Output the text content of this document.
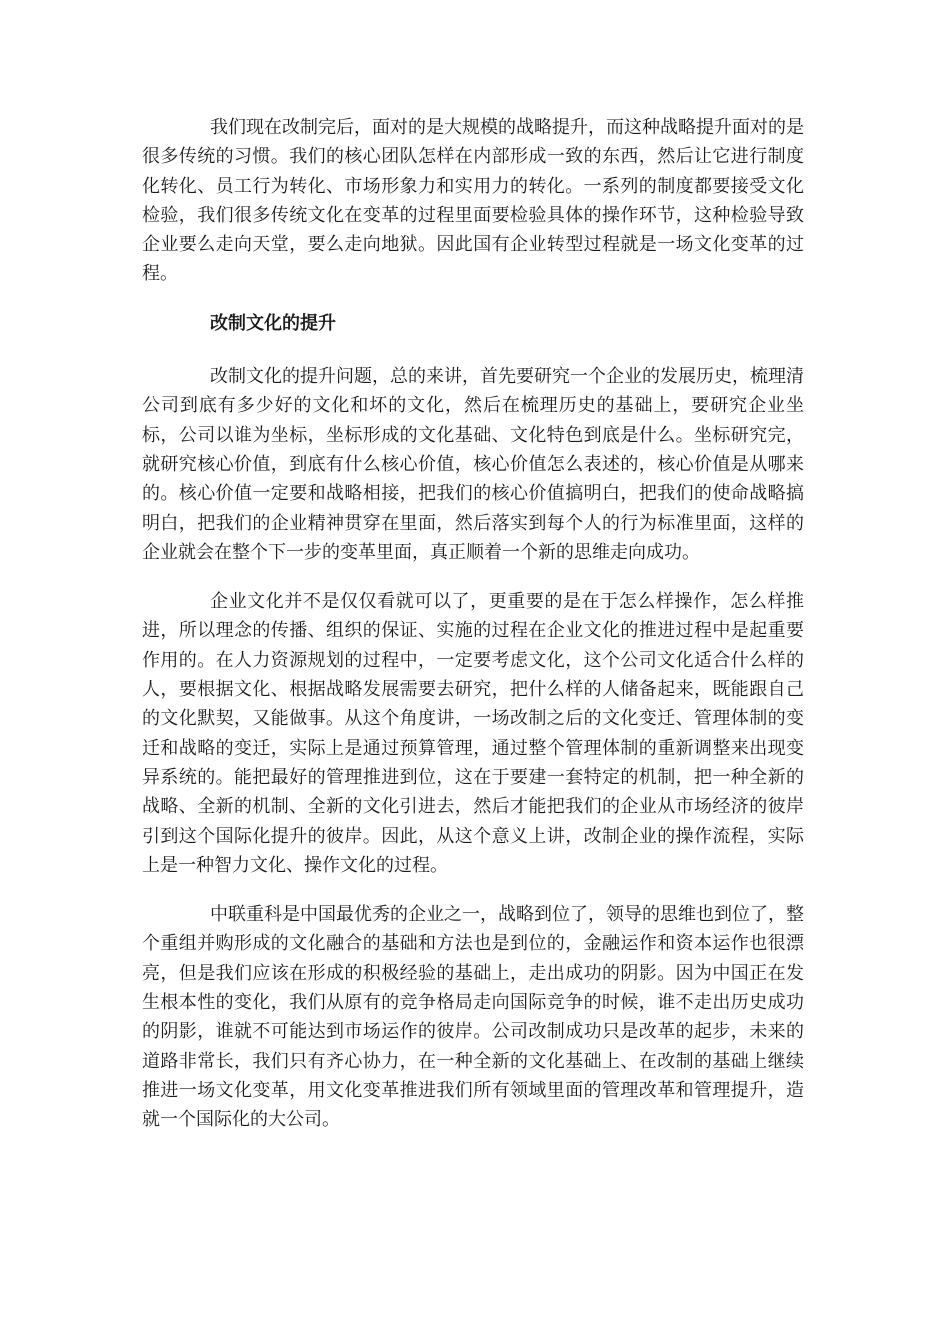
我们现在改制完后，面对的是大规模的战略提升，而这种战略提升面对的是很多传统的习惯。我们的核心团队怎样在内部形成一致的东西，然后让它进行制度化转化、员工行为转化、市场形象力和实用力的转化。一系列的制度都要接受文化检验，我们很多传统文化在变革的过程里面要检验具体的操作环节，这种检验导致企业要么走向天堂，要么走向地狱。因此国有企业转型过程就是一场文化变革的过程。

改制文化的提升

改制文化的提升问题，总的来讲，首先要研究一个企业的发展历史，梳理清公司到底有多少好的文化和坏的文化，然后在梳理历史的基础上，要研究企业坐标，公司以谁为坐标，坐标形成的文化基础、文化特色到底是什么。坐标研究完，就研究核心价值，到底有什么核心价值，核心价值怎么表述的，核心价值是从哪来的。核心价值一定要和战略相接，把我们的核心价值搞明白，把我们的使命战略搞明白，把我们的企业精神贯穿在里面，然后落实到每个人的行为标准里面，这样的企业就会在整个下一步的变革里面，真正顺着一个新的思维走向成功。

企业文化并不是仅仅看就可以了，更重要的是在于怎么样操作，怎么样推进，所以理念的传播、组织的保证、实施的过程在企业文化的推进过程中是起重要作用的。在人力资源规划的过程中，一定要考虑文化，这个公司文化适合什么样的人，要根据文化、根据战略发展需要去研究，把什么样的人储备起来，既能跟自己的文化默契，又能做事。从这个角度讲，一场改制之后的文化变迁、管理体制的变迁和战略的变迁，实际上是通过预算管理，通过整个管理体制的重新调整来出现变异系统的。能把最好的管理推进到位，这在于要建一套特定的机制，把一种全新的战略、全新的机制、全新的文化引进去，然后才能把我们的企业从市场经济的彼岸引到这个国际化提升的彼岸。因此，从这个意义上讲，改制企业的操作流程，实际上是一种智力文化、操作文化的过程。

中联重科是中国最优秀的企业之一，战略到位了，领导的思维也到位了，整个重组并购形成的文化融合的基础和方法也是到位的，金融运作和资本运作也很漂亮，但是我们应该在形成的积极经验的基础上，走出成功的阴影。因为中国正在发生根本性的变化，我们从原有的竞争格局走向国际竞争的时候，谁不走出历史成功的阴影，谁就不可能达到市场运作的彼岸。公司改制成功只是改革的起步，未来的道路非常长，我们只有齐心协力，在一种全新的文化基础上、在改制的基础上继续推进一场文化变革，用文化变革推进我们所有领域里面的管理改革和管理提升，造就一个国际化的大公司。
